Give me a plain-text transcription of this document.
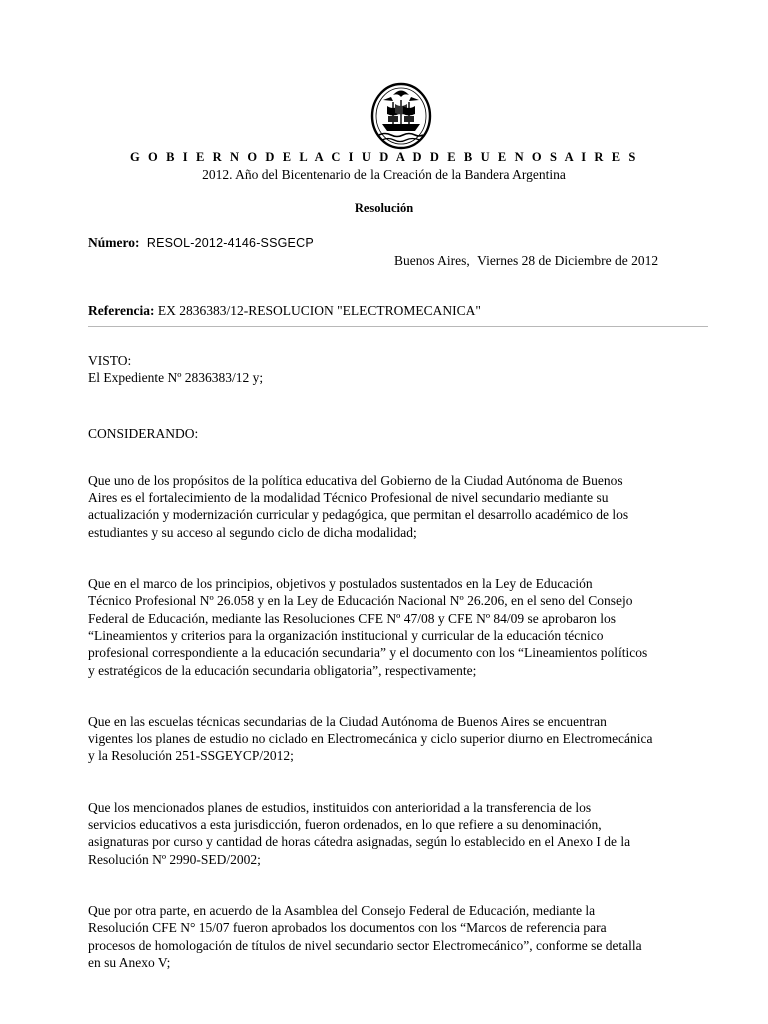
G O B I E R N O D E L A C I U D A D D E B U E N O S A I R E S
2012. Año del Bicentenario de la Creación de la Bandera Argentina
Resolución
Número: RESOL-2012-4146-SSGECP
Buenos Aires, Viernes 28 de Diciembre de 2012
Referencia: EX 2836383/12-RESOLUCION "ELECTROMECANICA"

VISTO:

El Expediente Nº 2836383/12 y;

CONSIDERANDO:

Que uno de los propósitos de la política educativa del Gobierno de la Ciudad Autónoma de Buenos

Aires es el fortalecimiento de la modalidad Técnico Profesional de nivel secundario mediante su

actualización y modernización curricular y pedagógica, que permitan el desarrollo académico de los

estudiantes y su acceso al segundo ciclo de dicha modalidad;

Que en el marco de los principios, objetivos y postulados sustentados en la Ley de Educación

Técnico Profesional Nº 26.058 y en la Ley de Educación Nacional Nº 26.206, en el seno del Consejo

Federal de Educación, mediante las Resoluciones CFE Nº 47/08 y CFE Nº 84/09 se aprobaron los

“Lineamientos y criterios para la organización institucional y curricular de la educación técnico

profesional correspondiente a la educación secundaria” y el documento con los “Lineamientos políticos

y estratégicos de la educación secundaria obligatoria”, respectivamente;

Que en las escuelas técnicas secundarias de la Ciudad Autónoma de Buenos Aires se encuentran

vigentes los planes de estudio no ciclado en Electromecánica y ciclo superior diurno en Electromecánica

y la Resolución 251-SSGEYCP/2012;

Que los mencionados planes de estudios, instituidos con anterioridad a la transferencia de los

servicios educativos a esta jurisdicción, fueron ordenados, en lo que refiere a su denominación,

asignaturas por curso y cantidad de horas cátedra asignadas, según lo establecido en el Anexo I de la

Resolución Nº 2990-SED/2002;

Que por otra parte, en acuerdo de la Asamblea del Consejo Federal de Educación, mediante la

Resolución CFE N° 15/07 fueron aprobados los documentos con los “Marcos de referencia para

procesos de homologación de títulos de nivel secundario sector Electromecánico”, conforme se detalla

en su Anexo V;
